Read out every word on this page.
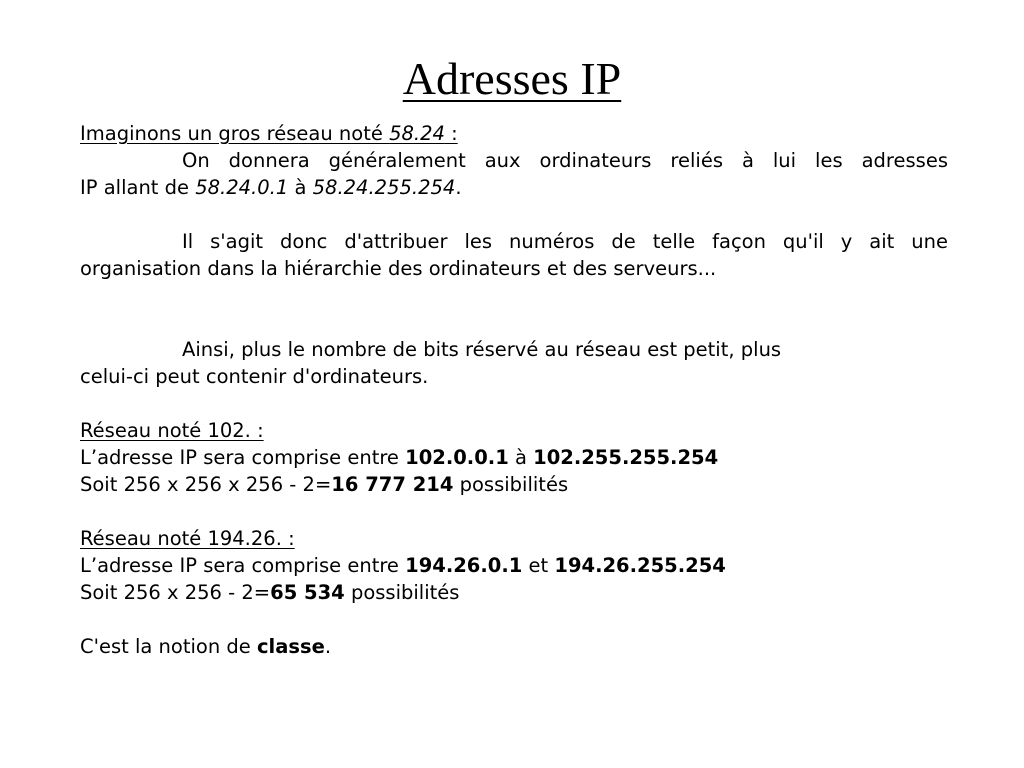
Adresses IP
Imaginons un gros réseau noté 58.24 :
On donnera généralement aux ordinateurs reliés à lui les adresses
IP allant de 58.24.0.1 à 58.24.255.254.
Il s'agit donc d'attribuer les numéros de telle façon qu'il y ait une
organisation dans la hiérarchie des ordinateurs et des serveurs...
Ainsi, plus le nombre de bits réservé au réseau est petit, plus
celui-ci peut contenir d'ordinateurs.
Réseau noté 102. :
L’adresse IP sera comprise entre 102.0.0.1 à 102.255.255.254
Soit 256 x 256 x 256 - 2=16 777 214 possibilités
Réseau noté 194.26. :
L’adresse IP sera comprise entre 194.26.0.1 et 194.26.255.254
Soit 256 x 256 - 2=65 534 possibilités
C'est la notion de classe.
